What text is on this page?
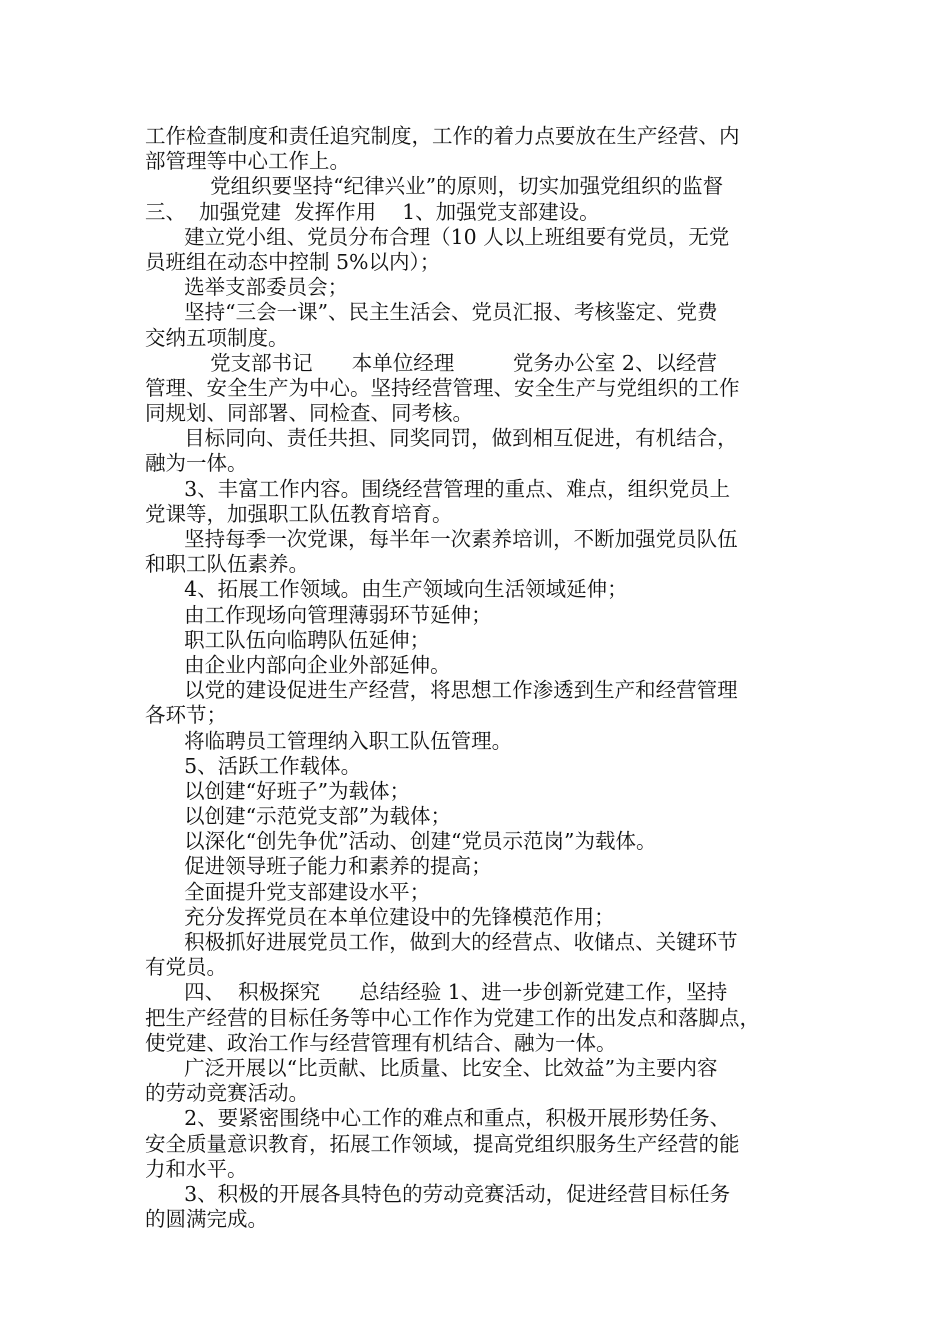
工作检查制度和责任追究制度，工作的着力点要放在生产经营、内
部管理等中心工作上。
党组织要坚持“纪律兴业”的原则，切实加强党组织的监督
三、  加强党建  发挥作用    1、加强党支部建设。
建立党小组、党员分布合理（10 人以上班组要有党员，无党
员班组在动态中控制 5%以内）；
选举支部委员会；
坚持“三会一课”、民主生活会、党员汇报、考核鉴定、党费
交纳五项制度。
党支部书记      本单位经理         党务办公室 2、以经营
管理、安全生产为中心。坚持经营管理、安全生产与党组织的工作
同规划、同部署、同检查、同考核。
目标同向、责任共担、同奖同罚，做到相互促进，有机结合，
融为一体。
3、丰富工作内容。围绕经营管理的重点、难点，组织党员上
党课等，加强职工队伍教育培育。
坚持每季一次党课，每半年一次素养培训，不断加强党员队伍
和职工队伍素养。
4、拓展工作领域。由生产领域向生活领域延伸；
由工作现场向管理薄弱环节延伸；
职工队伍向临聘队伍延伸；
由企业内部向企业外部延伸。
以党的建设促进生产经营，将思想工作渗透到生产和经营管理
各环节；
将临聘员工管理纳入职工队伍管理。
5、活跃工作载体。
以创建“好班子”为载体；
以创建“示范党支部”为载体；
以深化“创先争优”活动、创建“党员示范岗”为载体。
促进领导班子能力和素养的提高；
全面提升党支部建设水平；
充分发挥党员在本单位建设中的先锋模范作用；
积极抓好进展党员工作，做到大的经营点、收储点、关键环节
有党员。
四、  积极探究      总结经验 1、进一步创新党建工作，坚持
把生产经营的目标任务等中心工作作为党建工作的出发点和落脚点，
使党建、政治工作与经营管理有机结合、融为一体。
广泛开展以“比贡献、比质量、比安全、比效益”为主要内容
的劳动竞赛活动。
2、要紧密围绕中心工作的难点和重点，积极开展形势任务、
安全质量意识教育，拓展工作领域，提高党组织服务生产经营的能
力和水平。
3、积极的开展各具特色的劳动竞赛活动，促进经营目标任务
的圆满完成。
